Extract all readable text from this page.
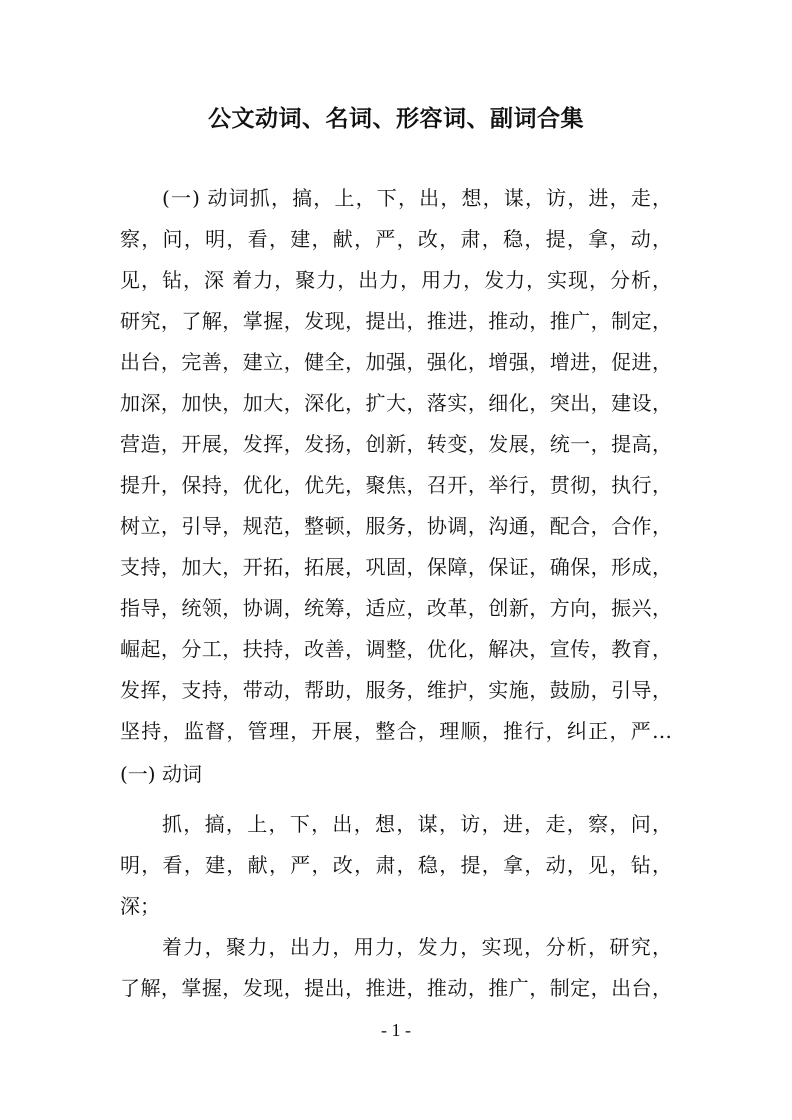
公文动词、名词、形容词、副词合集

(一) 动词抓，搞，上，下，出，想，谋，访，进，走，

察，问，明，看，建，献，严，改，肃，稳，提，拿，动，

见，钻，深 着力，聚力，出力，用力，发力，实现，分析，

研究，了解，掌握，发现，提出，推进，推动，推广，制定，

出台，完善，建立，健全，加强，强化，增强，增进，促进，

加深，加快，加大，深化，扩大，落实，细化，突出，建设，

营造，开展，发挥，发扬，创新，转变，发展，统一，提高，

提升，保持，优化，优先，聚焦，召开，举行，贯彻，执行，

树立，引导，规范，整顿，服务，协调，沟通，配合，合作，

支持，加大，开拓，拓展，巩固，保障，保证，确保，形成，

指导，统领，协调，统筹，适应，改革，创新，方向，振兴，

崛起，分工，扶持，改善，调整，优化，解决，宣传，教育，

发挥，支持，带动，帮助，服务，维护，实施，鼓励，引导，

坚持，监督，管理，开展，整合，理顺，推行，纠正，严…

(一) 动词

抓，搞，上，下，出，想，谋，访，进，走，察，问，

明，看，建，献，严，改，肃，稳，提，拿，动，见，钻，

深；

着力，聚力，出力，用力，发力，实现，分析，研究，

了解，掌握，发现，提出，推进，推动，推广，制定，出台，

- 1 -
